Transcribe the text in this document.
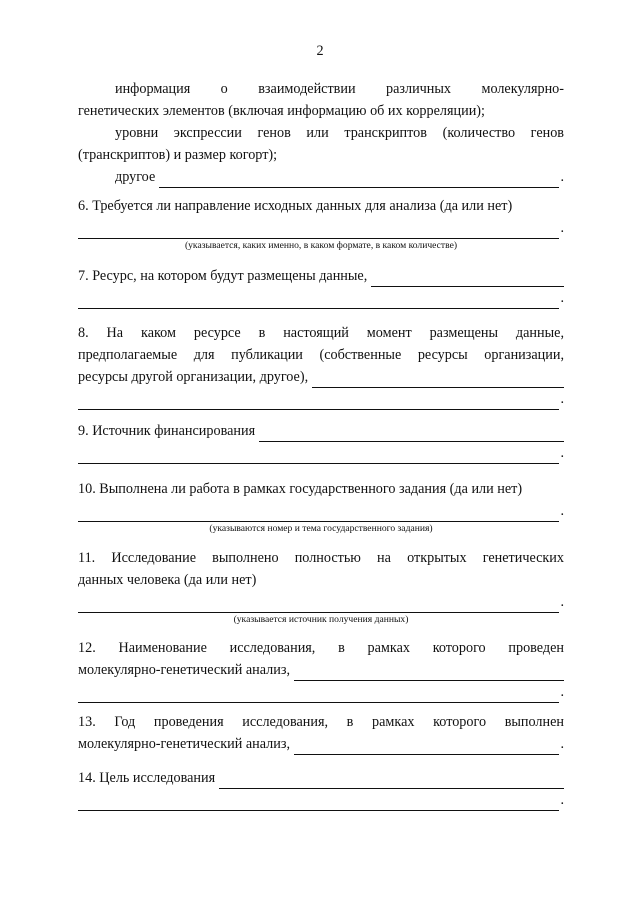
2
информация о взаимодействии различных молекулярно-
генетических элементов (включая информацию об их корреляции);
уровни экспрессии генов или транскриптов (количество генов
(транскриптов) и размер когорт);
другое	.
6. Требуется ли направление исходных данных для анализа (да или нет)
.
(указывается, каких именно, в каком формате, в каком количестве)
7. Ресурс, на котором будут размещены данные,
.
8. На каком ресурсе в настоящий момент размещены данные,
предполагаемые для публикации (собственные ресурсы организации,
ресурсы другой организации, другое),
.
9. Источник финансирования
.
10. Выполнена ли работа в рамках государственного задания (да или нет)
.
(указываются номер и тема государственного задания)
11. Исследование выполнено полностью на открытых генетических
данных человека (да или нет)
.
(указывается источник получения данных)
12. Наименование исследования, в рамках которого проведен
молекулярно-генетический анализ,
.
13. Год проведения исследования, в рамках которого выполнен
молекулярно-генетический анализ,	.
14. Цель исследования
.
